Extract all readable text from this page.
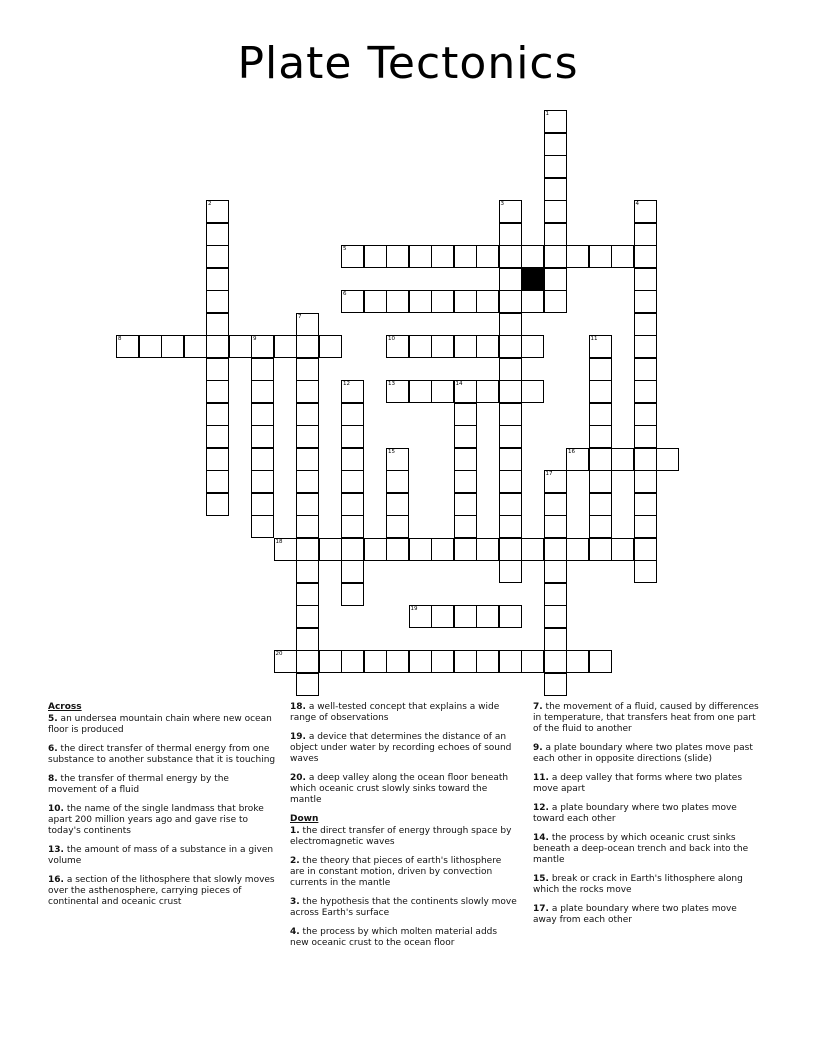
Plate Tectonics
1
2	3	4
5
6
7
8	9	10	11
12	13	14
15	16
17
18
19
20
Across
5. an undersea mountain chain where new ocean floor is produced
6. the direct transfer of thermal energy from one substance to another substance that it is touching
8. the transfer of thermal energy by the movement of a fluid
10. the name of the single landmass that broke apart 200 million years ago and gave rise to today's continents
13. the amount of mass of a substance in a given volume
16. a section of the lithosphere that slowly moves over the asthenosphere, carrying pieces of continental and oceanic crust
18. a well-tested concept that explains a wide range of observations
19. a device that determines the distance of an object under water by recording echoes of sound waves
20. a deep valley along the ocean floor beneath which oceanic crust slowly sinks toward the mantle
Down
1. the direct transfer of energy through space by electromagnetic waves
2. the theory that pieces of earth's lithosphere are in constant motion, driven by convection currents in the mantle
3. the hypothesis that the continents slowly move across Earth's surface
4. the process by which molten material adds new oceanic crust to the ocean floor
7. the movement of a fluid, caused by differences in temperature, that transfers heat from one part of the fluid to another
9. a plate boundary where two plates move past each other in opposite directions (slide)
11. a deep valley that forms where two plates move apart
12. a plate boundary where two plates move toward each other
14. the process by which oceanic crust sinks beneath a deep-ocean trench and back into the mantle
15. break or crack in Earth's lithosphere along which the rocks move
17. a plate boundary where two plates move away from each other
